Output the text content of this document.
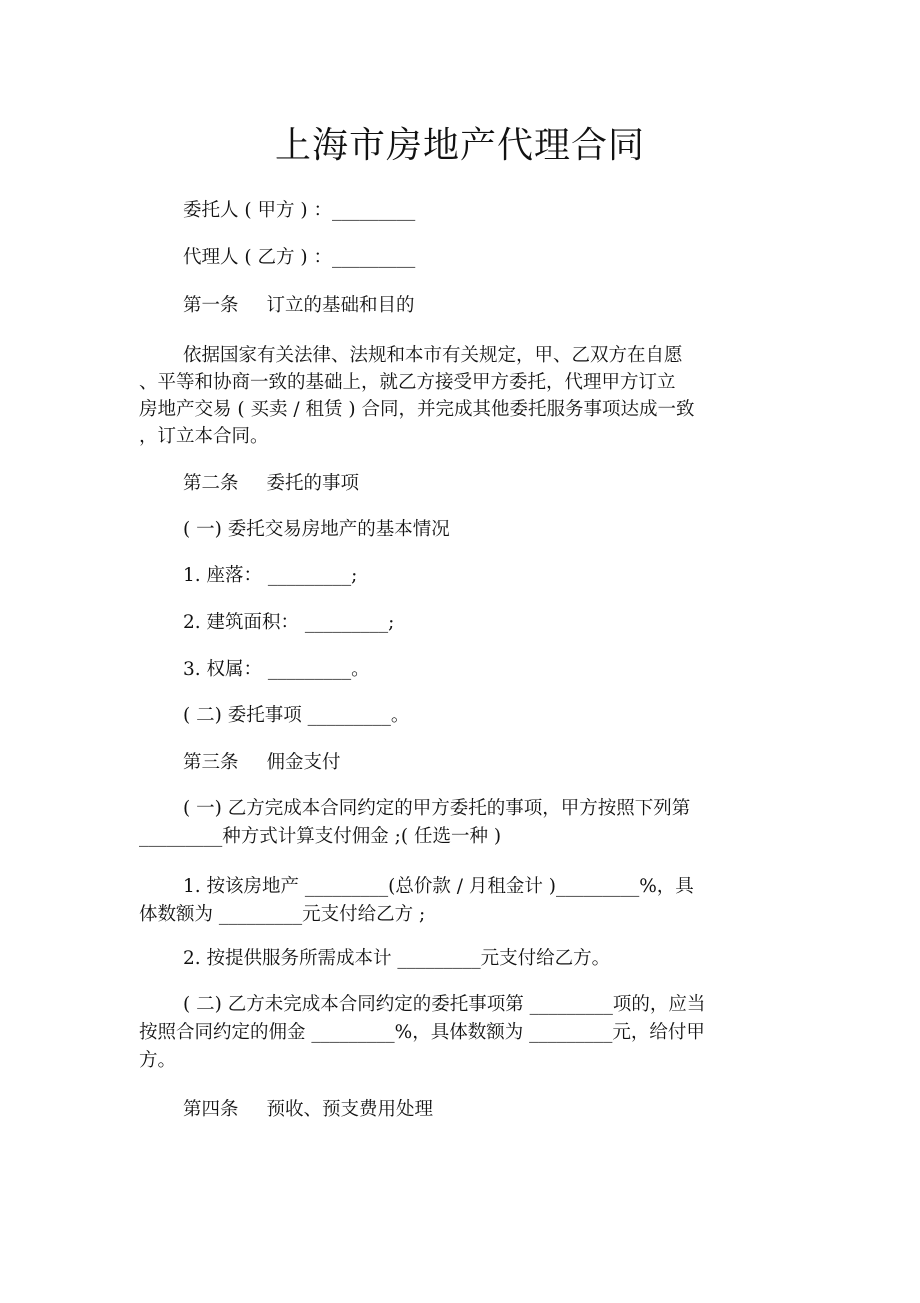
上海市房地产代理合同
委托人 ( 甲方 ) ：_________
代理人 ( 乙方 ) ：_________
第一条 订立的基础和目的
依据国家有关法律、法规和本市有关规定，甲、乙双方在自愿
、平等和协商一致的基础上，就乙方接受甲方委托，代理甲方订立
房地产交易 ( 买卖 / 租赁 ) 合同，并完成其他委托服务事项达成一致
，订立本合同。
第二条 委托的事项
( 一) 委托交易房地产的基本情况
1. 座落： _________;
2. 建筑面积： _________;
3. 权属： _________。
( 二) 委托事项 _________。
第三条 佣金支付
( 一) 乙方完成本合同约定的甲方委托的事项，甲方按照下列第
_________种方式计算支付佣金 ;( 任选一种 )
1. 按该房地产 _________(总价款 / 月租金计 )_________%，具
体数额为 _________元支付给乙方 ;
2. 按提供服务所需成本计 _________元支付给乙方。
( 二) 乙方未完成本合同约定的委托事项第 _________项的，应当
按照合同约定的佣金 _________%，具体数额为 _________元，给付甲
方。
第四条 预收、预支费用处理
